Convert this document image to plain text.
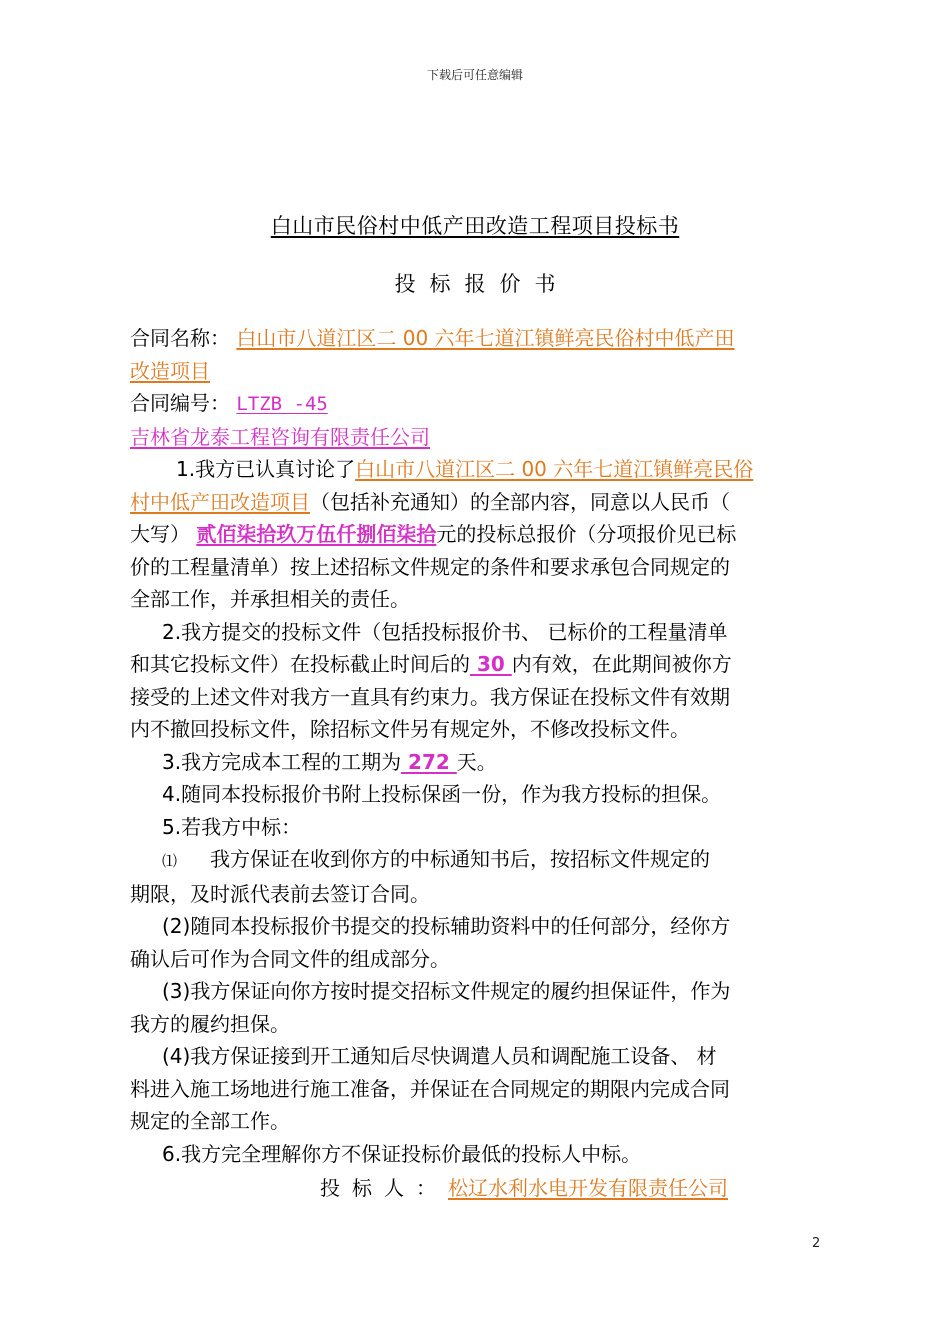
下载后可任意编辑
白山市民俗村中低产田改造工程项目投标书
投标报价书
合同名称： 白山市八道江区二 00 六年七道江镇鲜亮民俗村中低产田
改造项目
合同编号： LTZB -45
吉林省龙泰工程咨询有限责任公司
1.我方已认真讨论了白山市八道江区二 00 六年七道江镇鲜亮民俗
村中低产田改造项目（包括补充通知）的全部内容，同意以人民币（
大写） 贰佰柒拾玖万伍仟捌佰柒拾元的投标总报价（分项报价见已标
价的工程量清单）按上述招标文件规定的条件和要求承包合同规定的
全部工作，并承担相关的责任。
2.我方提交的投标文件（包括投标报价书、 已标价的工程量清单
和其它投标文件）在投标截止时间后的 30 内有效，在此期间被你方
接受的上述文件对我方一直具有约束力。我方保证在投标文件有效期
内不撤回投标文件，除招标文件另有规定外，不修改投标文件。
3.我方完成本工程的工期为 272 天。
4.随同本投标报价书附上投标保函一份，作为我方投标的担保。
5.若我方中标：
⑴ 我方保证在收到你方的中标通知书后，按招标文件规定的
期限，及时派代表前去签订合同。
(2)随同本投标报价书提交的投标辅助资料中的任何部分，经你方
确认后可作为合同文件的组成部分。
(3)我方保证向你方按时提交招标文件规定的履约担保证件，作为
我方的履约担保。
(4)我方保证接到开工通知后尽快调遣人员和调配施工设备、 材
料进入施工场地进行施工准备，并保证在合同规定的期限内完成合同
规定的全部工作。
6.我方完全理解你方不保证投标价最低的投标人中标。
投标人：松辽水利水电开发有限责任公司
2
